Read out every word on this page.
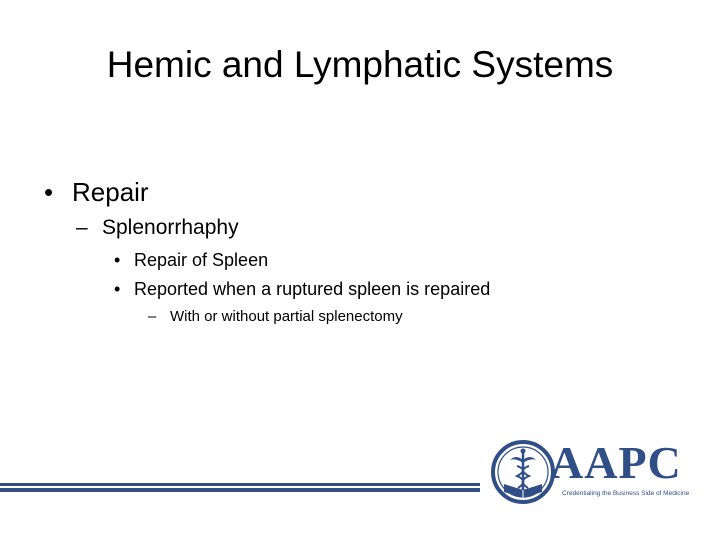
Hemic and Lymphatic Systems
• Repair
– Splenorrhaphy
• Repair of Spleen
• Reported when a ruptured spleen is repaired
– With or without partial splenectomy
AAPC
Credentialing the Business Side of Medicine
